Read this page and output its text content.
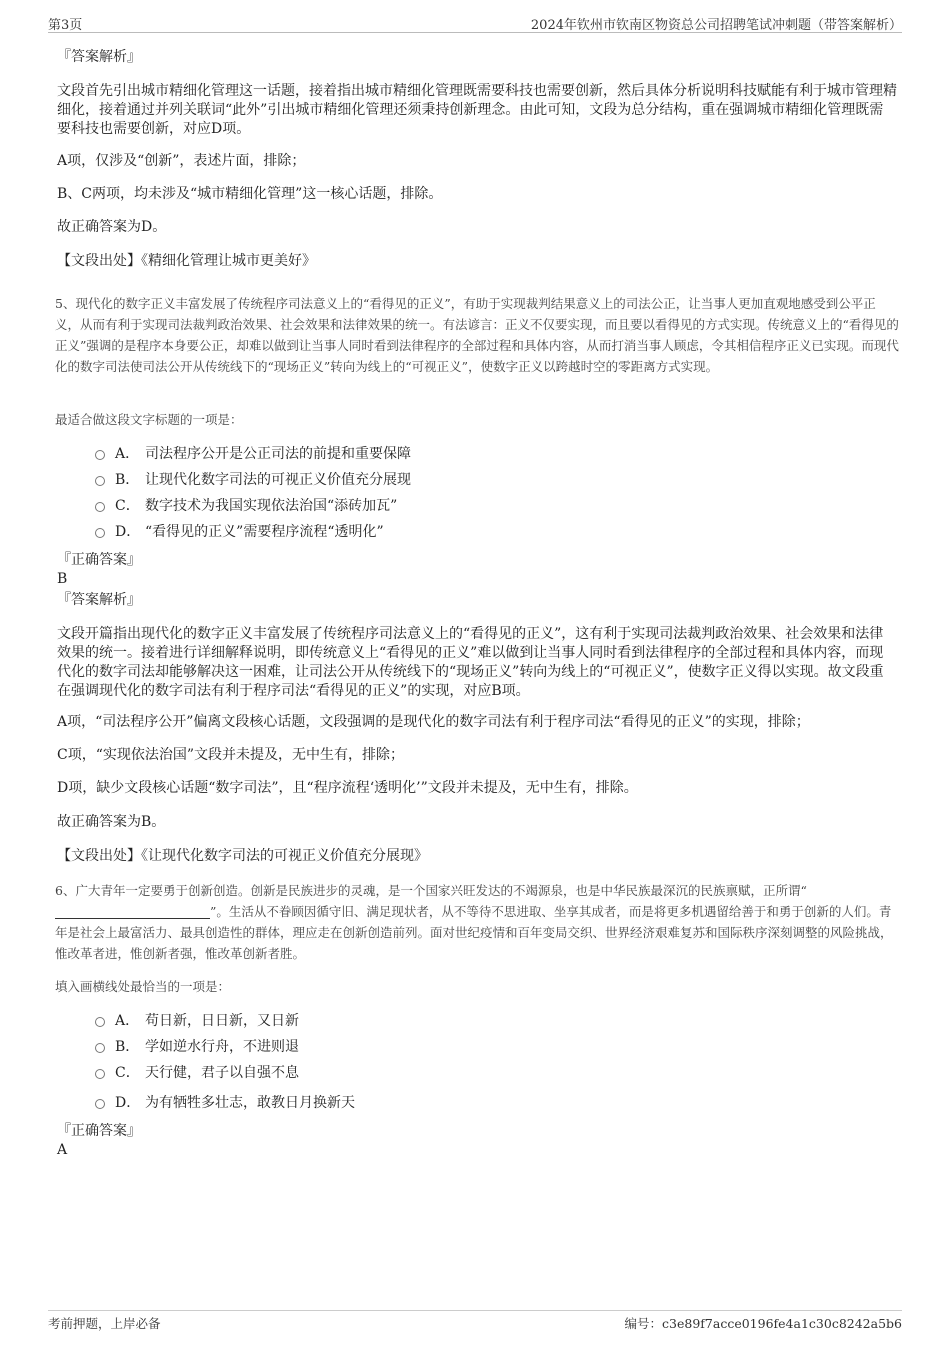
第3页	2024年钦州市钦南区物资总公司招聘笔试冲刺题（带答案解析）
『答案解析』
文段首先引出城市精细化管理这一话题，接着指出城市精细化管理既需要科技也需要创新，然后具体分析说明科技赋能有利于城市管理精细化，接着通过并列关联词“此外”引出城市精细化管理还须秉持创新理念。由此可知，文段为总分结构，重在强调城市精细化管理既需要科技也需要创新，对应D项。
A项，仅涉及“创新”，表述片面，排除；
B、C两项，均未涉及“城市精细化管理”这一核心话题，排除。
故正确答案为D。
【文段出处】《精细化管理让城市更美好》
5、现代化的数字正义丰富发展了传统程序司法意义上的“看得见的正义”，有助于实现裁判结果意义上的司法公正，让当事人更加直观地感受到公平正义，从而有利于实现司法裁判政治效果、社会效果和法律效果的统一。有法谚言：正义不仅要实现，而且要以看得见的方式实现。传统意义上的“看得见的正义”强调的是程序本身要公正，却难以做到让当事人同时看到法律程序的全部过程和具体内容，从而打消当事人顾虑，令其相信程序正义已实现。而现代化的数字司法使司法公开从传统线下的“现场正义”转向为线上的“可视正义”，使数字正义以跨越时空的零距离方式实现。
最适合做这段文字标题的一项是：
A． 司法程序公开是公正司法的前提和重要保障
B． 让现代化数字司法的可视正义价值充分展现
C． 数字技术为我国实现依法治国“添砖加瓦”
D． “看得见的正义”需要程序流程“透明化”
『正确答案』
B
『答案解析』
文段开篇指出现代化的数字正义丰富发展了传统程序司法意义上的“看得见的正义”，这有利于实现司法裁判政治效果、社会效果和法律效果的统一。接着进行详细解释说明，即传统意义上“看得见的正义”难以做到让当事人同时看到法律程序的全部过程和具体内容，而现代化的数字司法却能够解决这一困难，让司法公开从传统线下的“现场正义”转向为线上的“可视正义”，使数字正义得以实现。故文段重在强调现代化的数字司法有利于程序司法“看得见的正义”的实现，对应B项。
A项，“司法程序公开”偏离文段核心话题，文段强调的是现代化的数字司法有利于程序司法“看得见的正义”的实现，排除；
C项，“实现依法治国”文段并未提及，无中生有，排除；
D项，缺少文段核心话题“数字司法”，且“程序流程‘透明化’”文段并未提及，无中生有，排除。
故正确答案为B。
【文段出处】《让现代化数字司法的可视正义价值充分展现》
6、广大青年一定要勇于创新创造。创新是民族进步的灵魂，是一个国家兴旺发达的不竭源泉，也是中华民族最深沉的民族禀赋，正所谓“”。生活从不眷顾因循守旧、满足现状者，从不等待不思进取、坐享其成者，而是将更多机遇留给善于和勇于创新的人们。青年是社会上最富活力、最具创造性的群体，理应走在创新创造前列。面对世纪疫情和百年变局交织、世界经济艰难复苏和国际秩序深刻调整的风险挑战，惟改革者进，惟创新者强，惟改革创新者胜。
填入画横线处最恰当的一项是：
A． 苟日新，日日新，又日新
B． 学如逆水行舟，不进则退
C． 天行健，君子以自强不息
D． 为有牺牲多壮志，敢教日月换新天
『正确答案』
A
考前押题，上岸必备	编号：c3e89f7acce0196fe4a1c30c8242a5b6
